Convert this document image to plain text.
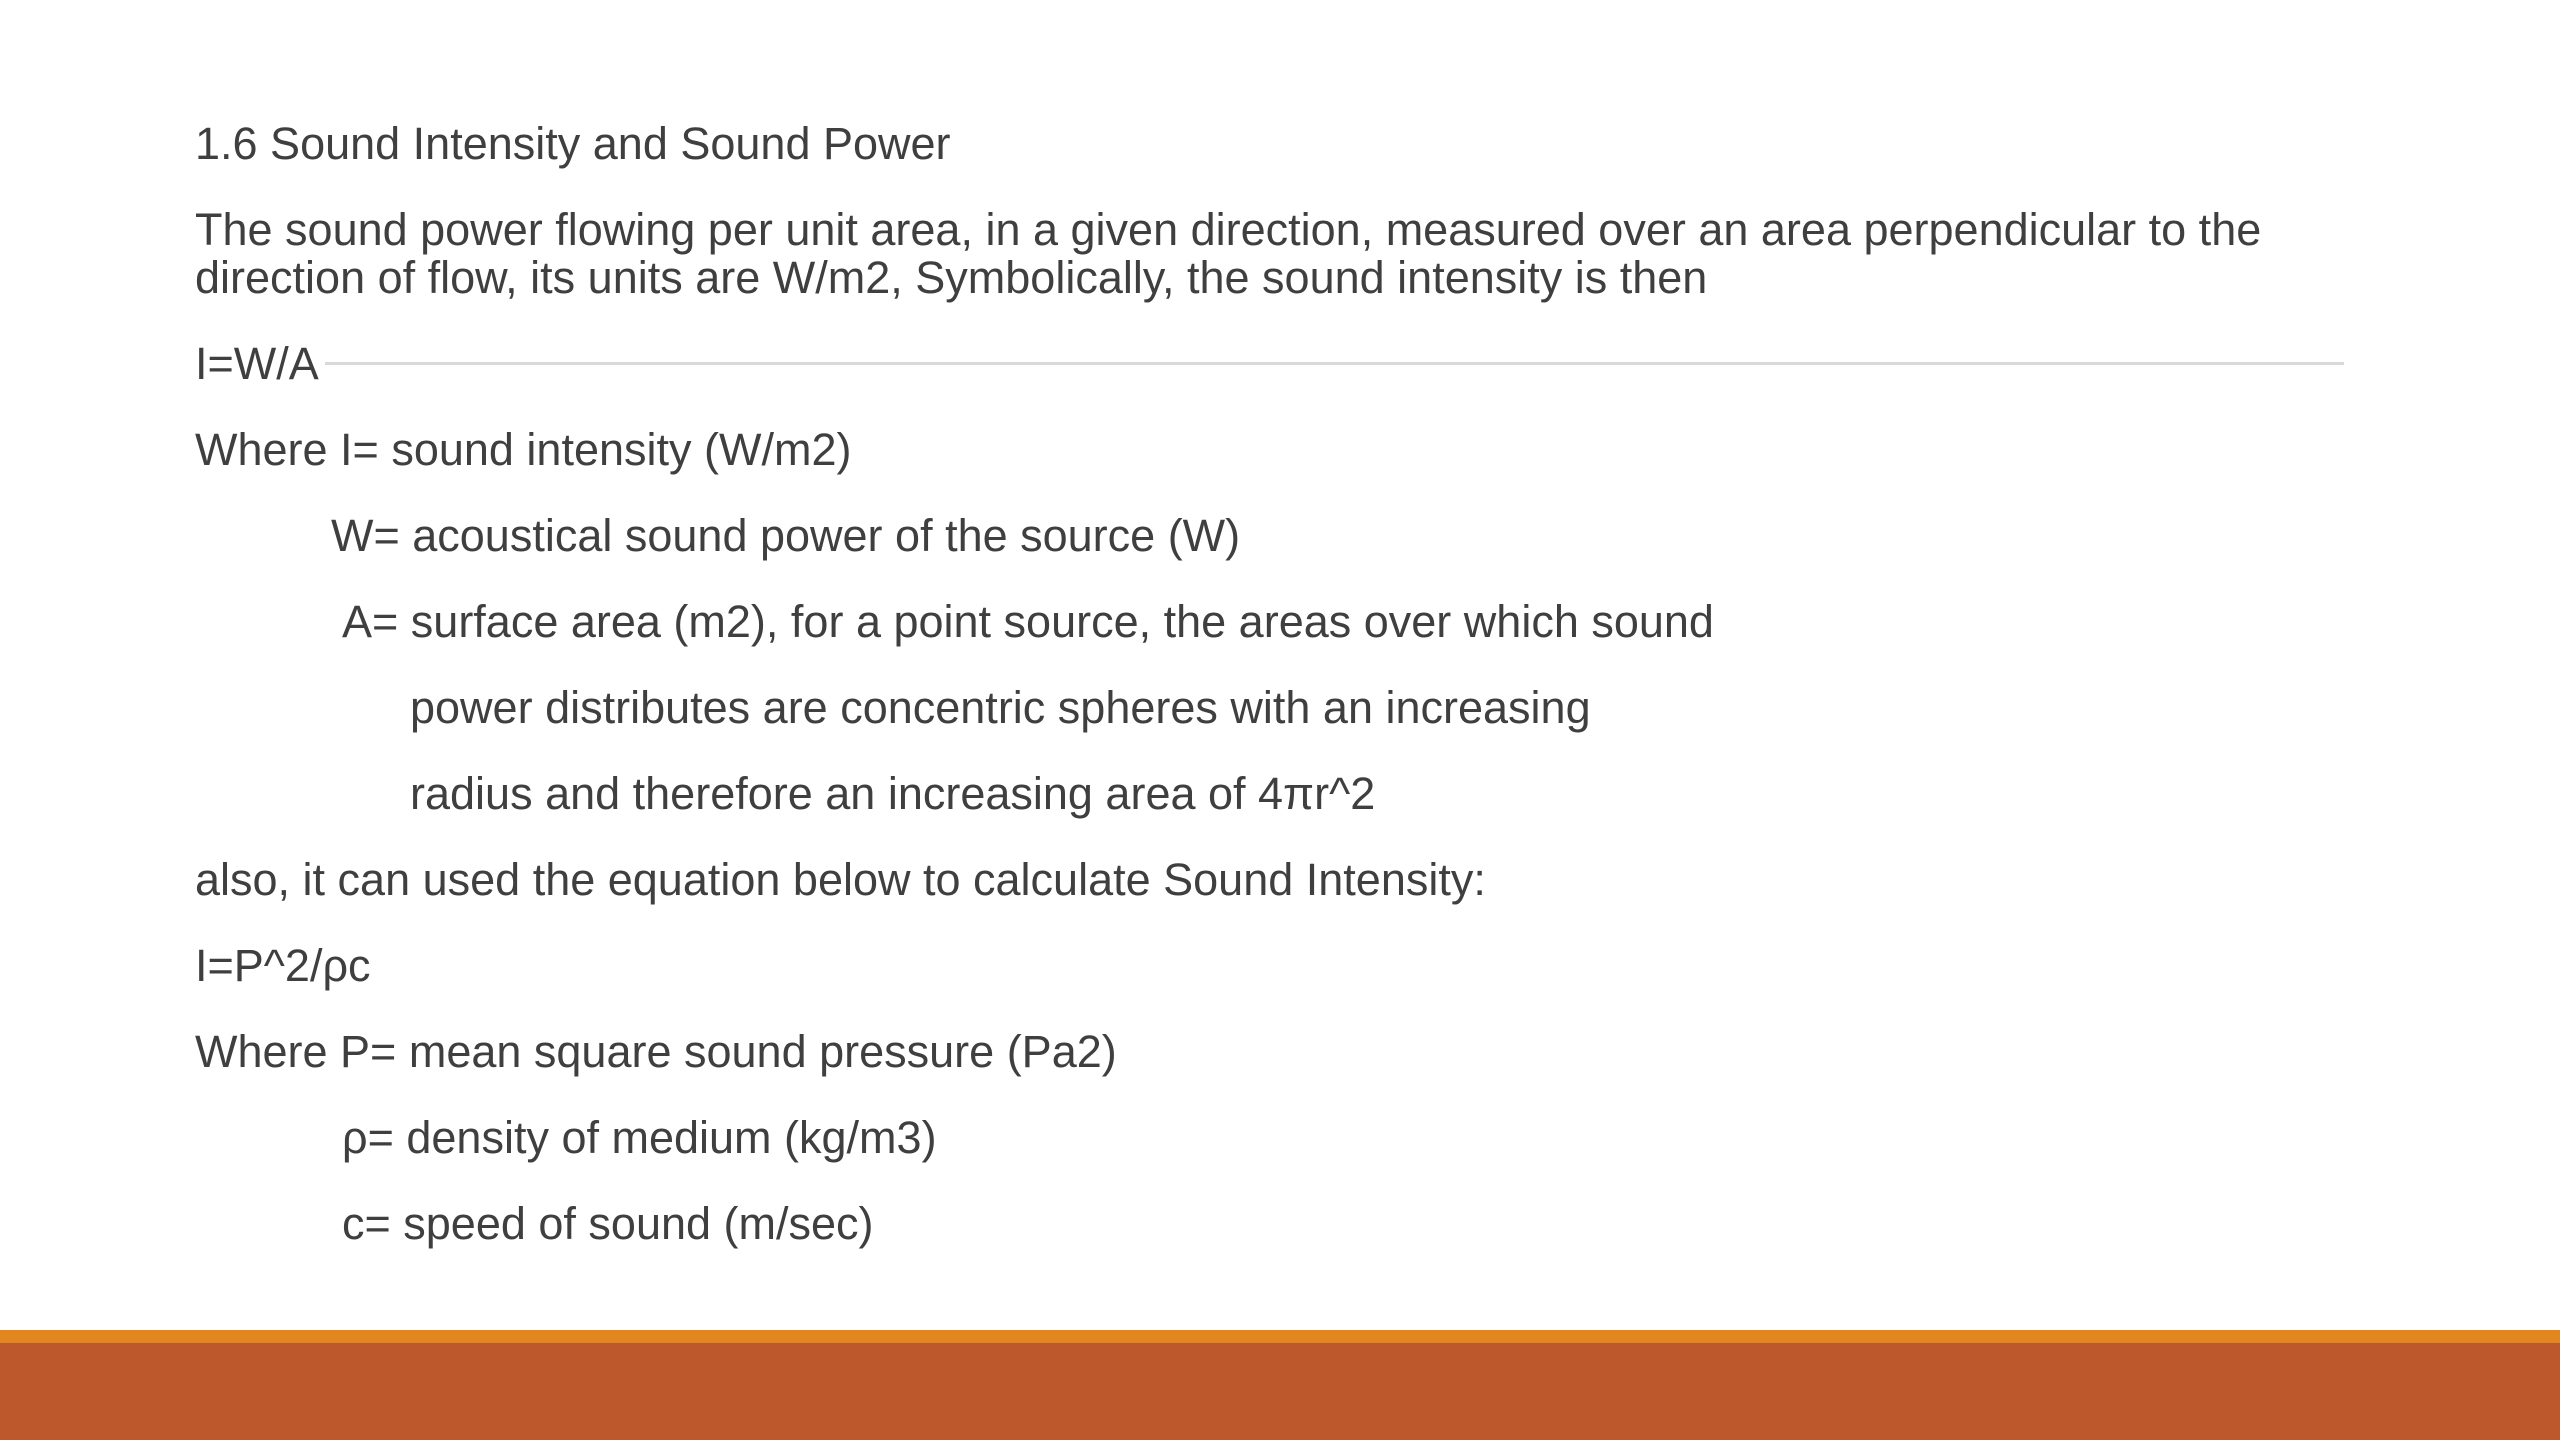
1.6 Sound Intensity and Sound Power
The sound power flowing per unit area, in a given direction, measured over an area perpendicular to the
direction of flow, its units are W/m2, Symbolically, the sound intensity is then
I=W/A
Where I= sound intensity (W/m2)
W= acoustical sound power of the source (W)
A= surface area (m2), for a point source, the areas over which sound
power distributes are concentric spheres with an increasing
radius and therefore an increasing area of 4πr^2
also, it can used the equation below to calculate Sound Intensity:
I=P^2/ρc
Where P= mean square sound pressure (Pa2)
ρ= density of medium (kg/m3)
c= speed of sound (m/sec)
